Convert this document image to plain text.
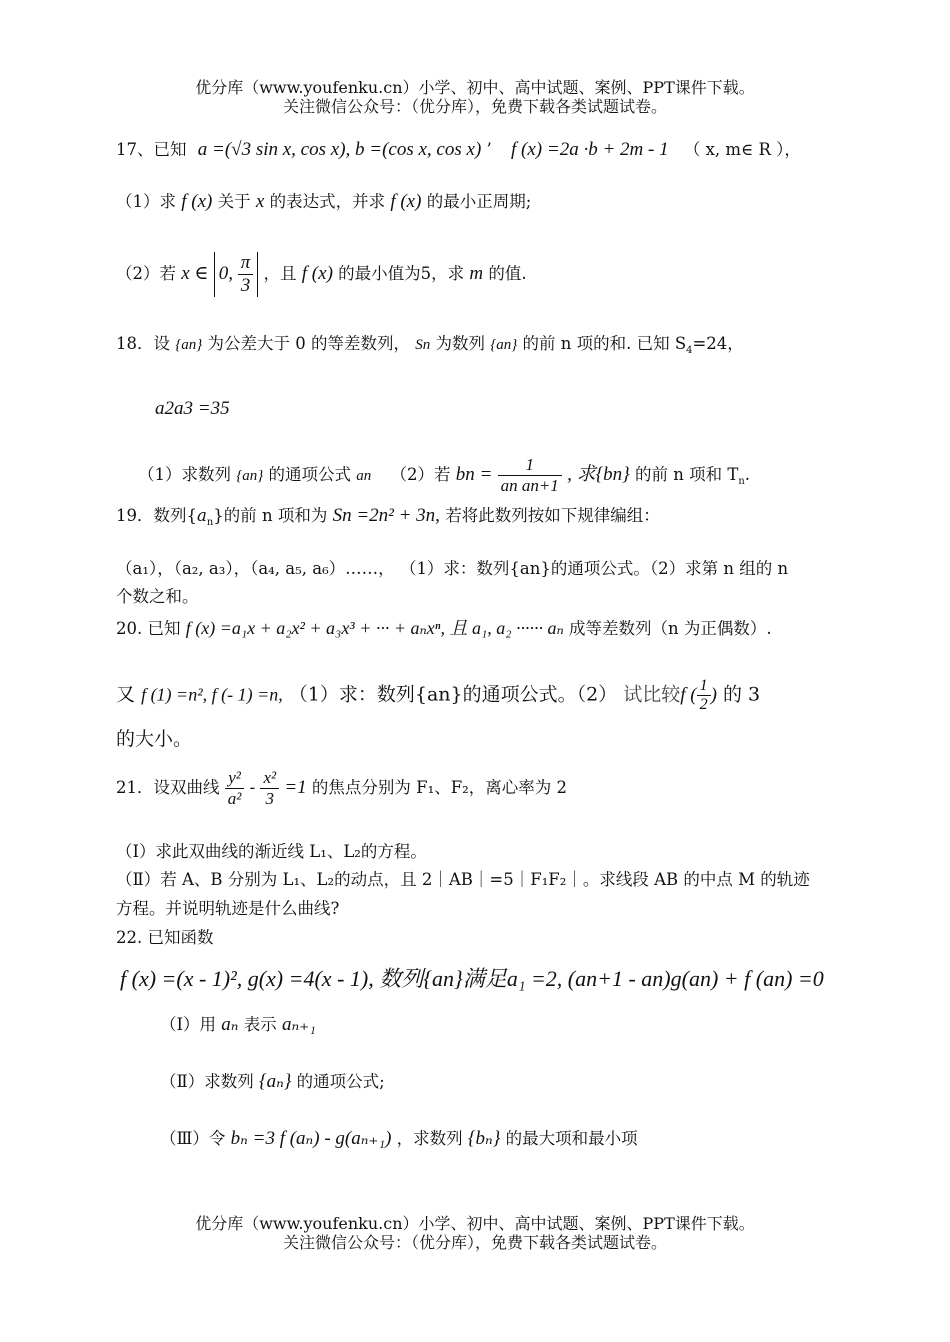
优分库（www.youfenku.cn）小学、初中、高中试题、案例、PPT课件下载。
关注微信公众号：（优分库），免费下载各类试题试卷。
17、已知 a =(√3 sin x, cos x), b =(cos x, cos x) ’ f (x) =2a ·b + 2m - 1 （ x, m∈ R ），
（1）求 f (x) 关于 x 的表达式，并求 f (x) 的最小正周期;
（2）若 x ∈ 0, $\frac{\pi}{3}$ ，且 f (x) 的最小值为5，求 m 的值.
18．设 {an} 为公差大于 0 的等差数列， Sn 为数列 {an} 的前 n 项的和. 已知 $S_4=24$，
a2a3 =35
（1）求数列 {an} 的通项公式 an （2）若 bn = $\frac{1}{\text{an an+1}}$ , 求{bn} 的前 n 项和 $T_n$.
19．数列$\{a_n\}$的前 n 项和为 Sn =2n² + 3n, 若将此数列按如下规律编组：
（a₁），（a₂, a₃），（a₄, a₅, a₆）……， （1）求：数列{an}的通项公式。（2）求第 n 组的 n
个数之和。
20. 已知 f (x) =a₁x + a₂x² + a₃x³ + ··· + aₙxⁿ, 且 a₁, a₂ ······ aₙ 成等差数列（n 为正偶数）.
又 f (1) =n², f (- 1) =n, （1）求：数列{an}的通项公式。（2） 试比较f ( $\frac{1}{2}$ ) 的 3
的大小。
21．设双曲线 $\frac{\text{y²}}{\text{a²}} - \frac{\text{x²}}{3} =1$ 的焦点分别为 F₁、F₂，离心率为 2
（Ⅰ）求此双曲线的渐近线 L₁、L₂的方程。
（Ⅱ）若 A、B 分别为 L₁、L₂的动点，且 2｜AB｜=5｜F₁F₂｜。求线段 AB 的中点 M 的轨迹
方程。并说明轨迹是什么曲线?
22. 已知函数
f (x) =(x - 1)², g(x) =4(x - 1), 数列{an}满足a₁ =2, (an+1 - an)g(an) + f (an) =0
（Ⅰ）用 aₙ 表示 aₙ₊₁
（Ⅱ）求数列 {aₙ} 的通项公式;
（Ⅲ）令 bₙ =3 f (aₙ) - g(aₙ₊₁) ，求数列 {bₙ} 的最大项和最小项
优分库（www.youfenku.cn）小学、初中、高中试题、案例、PPT课件下载。
关注微信公众号：（优分库），免费下载各类试题试卷。
